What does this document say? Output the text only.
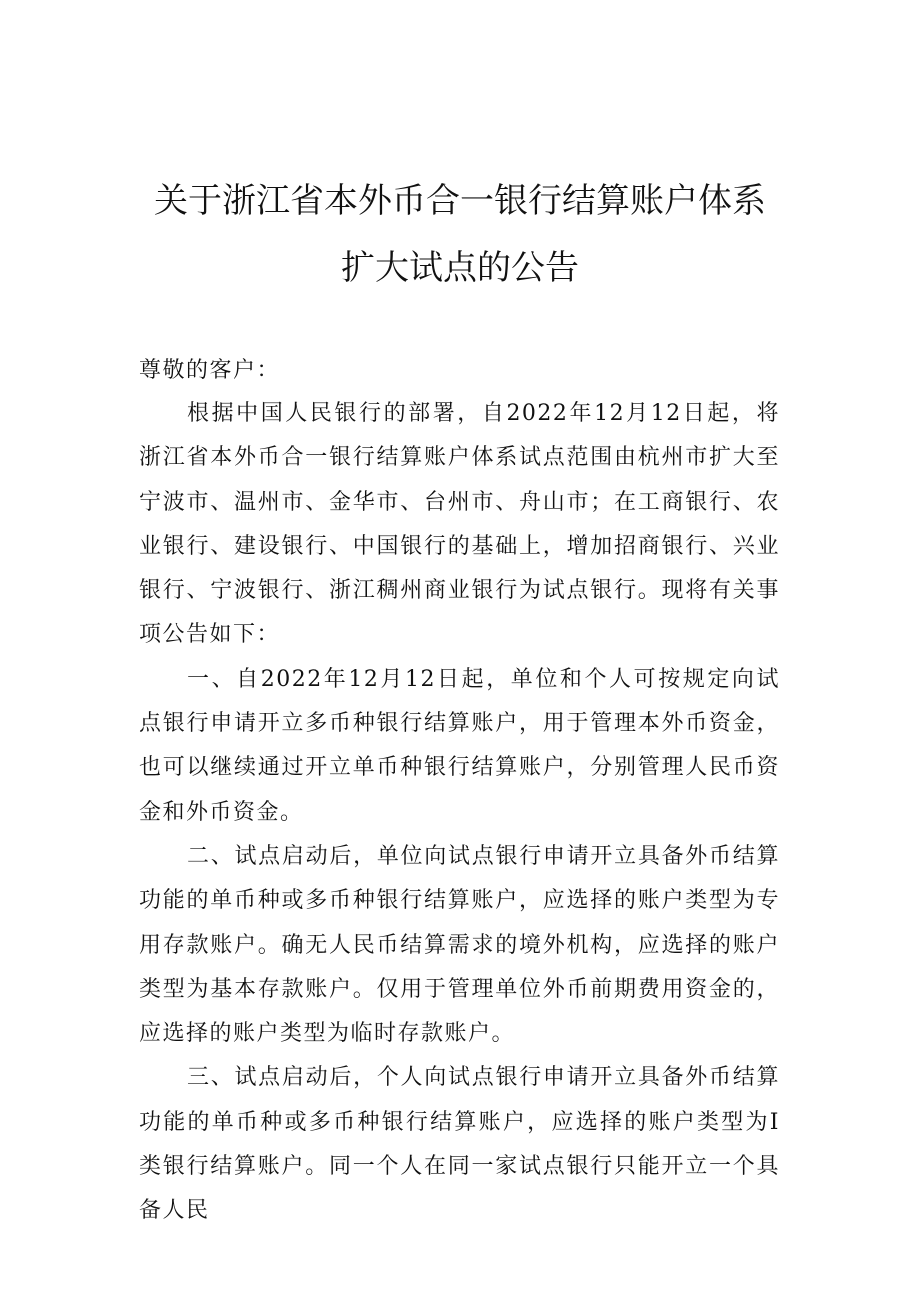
关于浙江省本外币合一银行结算账户体系
扩大试点的公告

尊敬的客户：

根据中国人民银行的部署，自2022年12月12日起，将浙江省本外币合一银行结算账户体系试点范围由杭州市扩大至宁波市、温州市、金华市、台州市、舟山市；在工商银行、农业银行、建设银行、中国银行的基础上，增加招商银行、兴业银行、宁波银行、浙江稠州商业银行为试点银行。现将有关事项公告如下：

一、自2022年12月12日起，单位和个人可按规定向试点银行申请开立多币种银行结算账户，用于管理本外币资金，也可以继续通过开立单币种银行结算账户，分别管理人民币资金和外币资金。

二、试点启动后，单位向试点银行申请开立具备外币结算功能的单币种或多币种银行结算账户，应选择的账户类型为专用存款账户。确无人民币结算需求的境外机构，应选择的账户类型为基本存款账户。仅用于管理单位外币前期费用资金的，应选择的账户类型为临时存款账户。

三、试点启动后，个人向试点银行申请开立具备外币结算功能的单币种或多币种银行结算账户，应选择的账户类型为I类银行结算账户。同一个人在同一家试点银行只能开立一个具备人民
